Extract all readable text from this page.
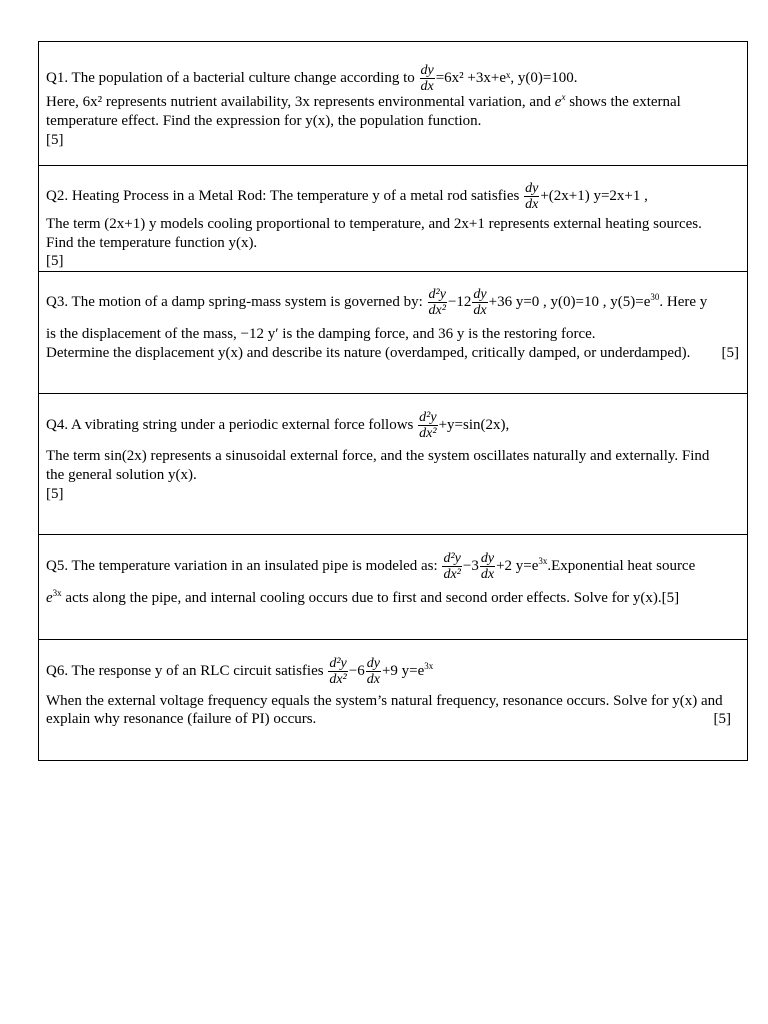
Q1. The population of a bacterial culture change according to $\frac{dy}{dx} =6x^2$ +3x+eˣ, y(0)=100.
Here, 6x² represents nutrient availability, 3x represents environmental variation, and $e^x$ shows the external
temperature effect. Find the expression for y(x), the population function.
[5]
Q2. Heating Process in a Metal Rod: The temperature y of a metal rod satisfies $\frac{dy}{dx} +(2x+1)$ y=2x+1 ,
The term (2x+1) y models cooling proportional to temperature, and 2x+1 represents external heating sources.
Find the temperature function y(x).
[5]
Q3. The motion of a damp spring-mass system is governed by: $\frac{\text{d²y}}{\text{dx²}} -12 \frac{dy}{dx} +36$ y=0 , y(0)=10 , $y(5)=e^{30}$. Here y
is the displacement of the mass, −12 y′ is the damping force, and 36 y is the restoring force.
Determine the displacement y(x) and describe its nature (overdamped, critically damped, or underdamped).	[5]
Q4. A vibrating string under a periodic external force follows $\frac{\text{d²y}}{\text{dx²}} +y=\sin(2x)$,
The term sin(2x) represents a sinusoidal external force, and the system oscillates naturally and externally. Find
the general solution y(x).
[5]
Q5. The temperature variation in an insulated pipe is modeled as: $\frac{\text{d²y}}{\text{dx²}} -3 \frac{dy}{dx} +2$ $y=e^{3x}.Exponential$ heat source
$e^{3x}$ acts along the pipe, and internal cooling occurs due to first and second order effects. Solve for y(x).[5]
Q6. The response y of an RLC circuit satisfies $\frac{\text{d²y}}{\text{dx²}} -6 \frac{dy}{dx} +9$ $y=e^{3x}$
When the external voltage frequency equals the system’s natural frequency, resonance occurs. Solve for y(x) and
explain why resonance (failure of PI) occurs.	[5]
